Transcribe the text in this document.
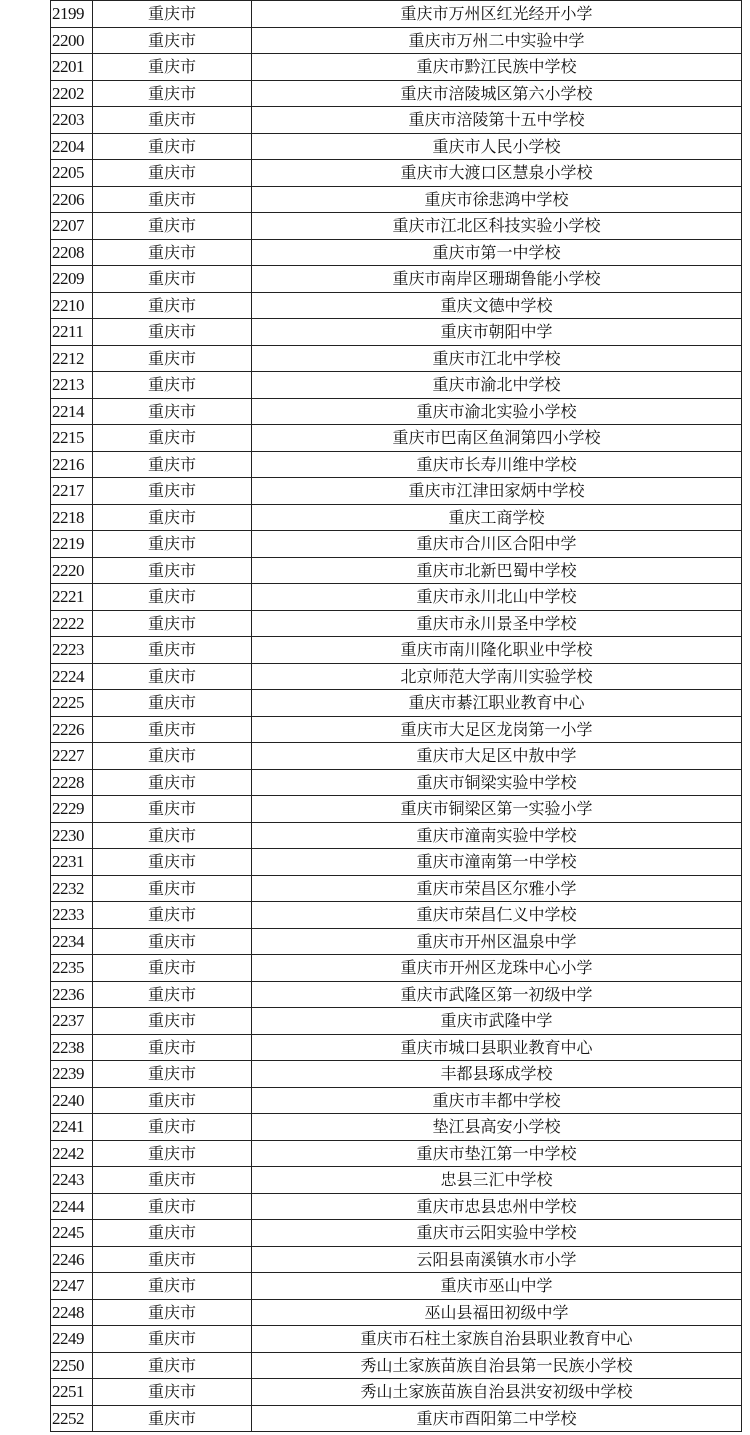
2199	重庆市	重庆市万州区红光经开小学
2200	重庆市	重庆市万州二中实验中学
2201	重庆市	重庆市黔江民族中学校
2202	重庆市	重庆市涪陵城区第六小学校
2203	重庆市	重庆市涪陵第十五中学校
2204	重庆市	重庆市人民小学校
2205	重庆市	重庆市大渡口区慧泉小学校
2206	重庆市	重庆市徐悲鸿中学校
2207	重庆市	重庆市江北区科技实验小学校
2208	重庆市	重庆市第一中学校
2209	重庆市	重庆市南岸区珊瑚鲁能小学校
2210	重庆市	重庆文德中学校
2211	重庆市	重庆市朝阳中学
2212	重庆市	重庆市江北中学校
2213	重庆市	重庆市渝北中学校
2214	重庆市	重庆市渝北实验小学校
2215	重庆市	重庆市巴南区鱼洞第四小学校
2216	重庆市	重庆市长寿川维中学校
2217	重庆市	重庆市江津田家炳中学校
2218	重庆市	重庆工商学校
2219	重庆市	重庆市合川区合阳中学
2220	重庆市	重庆市北新巴蜀中学校
2221	重庆市	重庆市永川北山中学校
2222	重庆市	重庆市永川景圣中学校
2223	重庆市	重庆市南川隆化职业中学校
2224	重庆市	北京师范大学南川实验学校
2225	重庆市	重庆市綦江职业教育中心
2226	重庆市	重庆市大足区龙岗第一小学
2227	重庆市	重庆市大足区中敖中学
2228	重庆市	重庆市铜梁实验中学校
2229	重庆市	重庆市铜梁区第一实验小学
2230	重庆市	重庆市潼南实验中学校
2231	重庆市	重庆市潼南第一中学校
2232	重庆市	重庆市荣昌区尔雅小学
2233	重庆市	重庆市荣昌仁义中学校
2234	重庆市	重庆市开州区温泉中学
2235	重庆市	重庆市开州区龙珠中心小学
2236	重庆市	重庆市武隆区第一初级中学
2237	重庆市	重庆市武隆中学
2238	重庆市	重庆市城口县职业教育中心
2239	重庆市	丰都县琢成学校
2240	重庆市	重庆市丰都中学校
2241	重庆市	垫江县高安小学校
2242	重庆市	重庆市垫江第一中学校
2243	重庆市	忠县三汇中学校
2244	重庆市	重庆市忠县忠州中学校
2245	重庆市	重庆市云阳实验中学校
2246	重庆市	云阳县南溪镇水市小学
2247	重庆市	重庆市巫山中学
2248	重庆市	巫山县福田初级中学
2249	重庆市	重庆市石柱土家族自治县职业教育中心
2250	重庆市	秀山土家族苗族自治县第一民族小学校
2251	重庆市	秀山土家族苗族自治县洪安初级中学校
2252	重庆市	重庆市酉阳第二中学校
